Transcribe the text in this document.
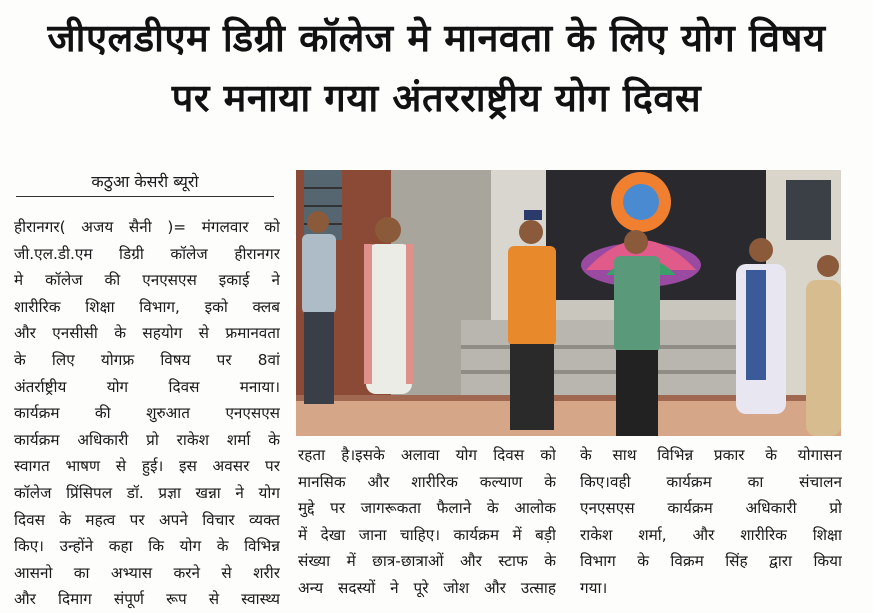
जीएलडीएम डिग्री कॉलेज मे मानवता के लिए योग विषय
पर मनाया गया अंतरराष्ट्रीय योग दिवस
कठुआ केसरी ब्यूरो
हीरानगर( अजय सैनी )= मंगलवार को
जी.एल.डी.एम डिग्री कॉलेज हीरानगर
मे कॉलेज की एनएसएस इकाई ने
शारीरिक शिक्षा विभाग, इको क्लब
और एनसीसी के सहयोग से फ्रमानवता
के लिए योगफ्र विषय पर 8वां
अंतर्राष्ट्रीय योग दिवस मनाया।
कार्यक्रम की शुरुआत एनएसएस
कार्यक्रम अधिकारी प्रो राकेश शर्मा के
स्वागत भाषण से हुई। इस अवसर पर
कॉलेज प्रिंसिपल डॉ. प्रज्ञा खन्ना ने योग
दिवस के महत्व पर अपने विचार व्यक्त
किए। उन्होंने कहा कि योग के विभिन्न
आसनो का अभ्यास करने से शरीर
और दिमाग संपूर्ण रूप से स्वास्थ्य
रहता है।इसके अलावा योग दिवस को
मानसिक और शारीरिक कल्याण के
मुद्दे पर जागरूकता फैलाने के आलोक
में देखा जाना चाहिए। कार्यक्रम में बड़ी
संख्या में छात्र-छात्राओं और स्टाफ के
अन्य सदस्यों ने पूरे जोश और उत्साह
के साथ विभिन्न प्रकार के योगासन
किए।वही कार्यक्रम का संचालन
एनएसएस कार्यक्रम अधिकारी प्रो
राकेश शर्मा, और शारीरिक शिक्षा
विभाग के विक्रम सिंह द्वारा किया
गया।
